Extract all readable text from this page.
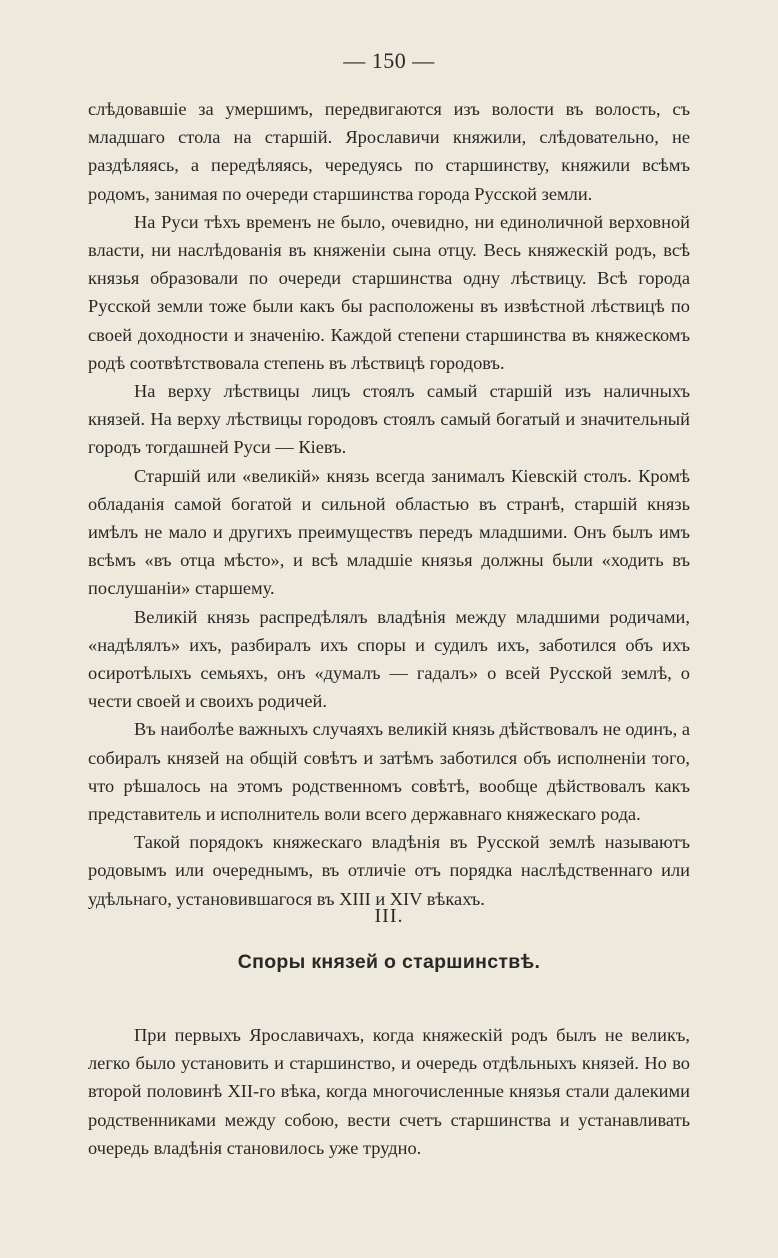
— 150 —

слѣдовавшіе за умершимъ, передвигаются изъ волости въ волость, съ младшаго стола на старшій. Ярославичи княжили, слѣдовательно, не раздѣляясь, а передѣляясь, чередуясь по старшинству, княжили всѣмъ родомъ, занимая по очереди старшинства города Русской земли.

На Руси тѣхъ временъ не было, очевидно, ни единоличной верховной власти, ни наслѣдованія въ княженіи сына отцу. Весь княжескій родъ, всѣ князья образовали по очереди старшинства одну лѣствицу. Всѣ города Русской земли тоже были какъ бы расположены въ извѣстной лѣствицѣ по своей доходности и значенію. Каждой степени старшинства въ княжескомъ родѣ соотвѣтствовала степень въ лѣствицѣ городовъ.

На верху лѣствицы лицъ стоялъ самый старшій изъ наличныхъ князей. На верху лѣствицы городовъ стоялъ самый богатый и значительный городъ тогдашней Руси — Кіевъ.

Старшій или «великій» князь всегда занималъ Кіевскій столъ. Кромѣ обладанія самой богатой и сильной областью въ странѣ, старшій князь имѣлъ не мало и другихъ преимуществъ передъ младшими. Онъ былъ имъ всѣмъ «въ отца мѣсто», и всѣ младшіе князья должны были «ходить въ послушаніи» старшему.

Великій князь распредѣлялъ владѣнія между младшими родичами, «надѣлялъ» ихъ, разбиралъ ихъ споры и судилъ ихъ, заботился объ ихъ осиротѣлыхъ семьяхъ, онъ «думалъ — гадалъ» о всей Русской землѣ, о чести своей и своихъ родичей.

Въ наиболѣе важныхъ случаяхъ великій князь дѣйствовалъ не одинъ, а собиралъ князей на общій совѣтъ и затѣмъ заботился объ исполненіи того, что рѣшалось на этомъ родственномъ совѣтѣ, вообще дѣйствовалъ какъ представитель и исполнитель воли всего державнаго княжескаго рода.

Такой порядокъ княжескаго владѣнія въ Русской землѣ называютъ родовымъ или очереднымъ, въ отличіе отъ порядка наслѣдственнаго или удѣльнаго, установившагося въ XIII и XIV вѣкахъ.

III.
Споры князей о старшинствѣ.

При первыхъ Ярославичахъ, когда княжескій родъ былъ не великъ, легко было установить и старшинство, и очередь отдѣльныхъ князей. Но во второй половинѣ XII-го вѣка, когда многочисленные князья стали далекими родственниками между собою, вести счетъ старшинства и устанавливать очередь владѣнія становилось уже трудно.
